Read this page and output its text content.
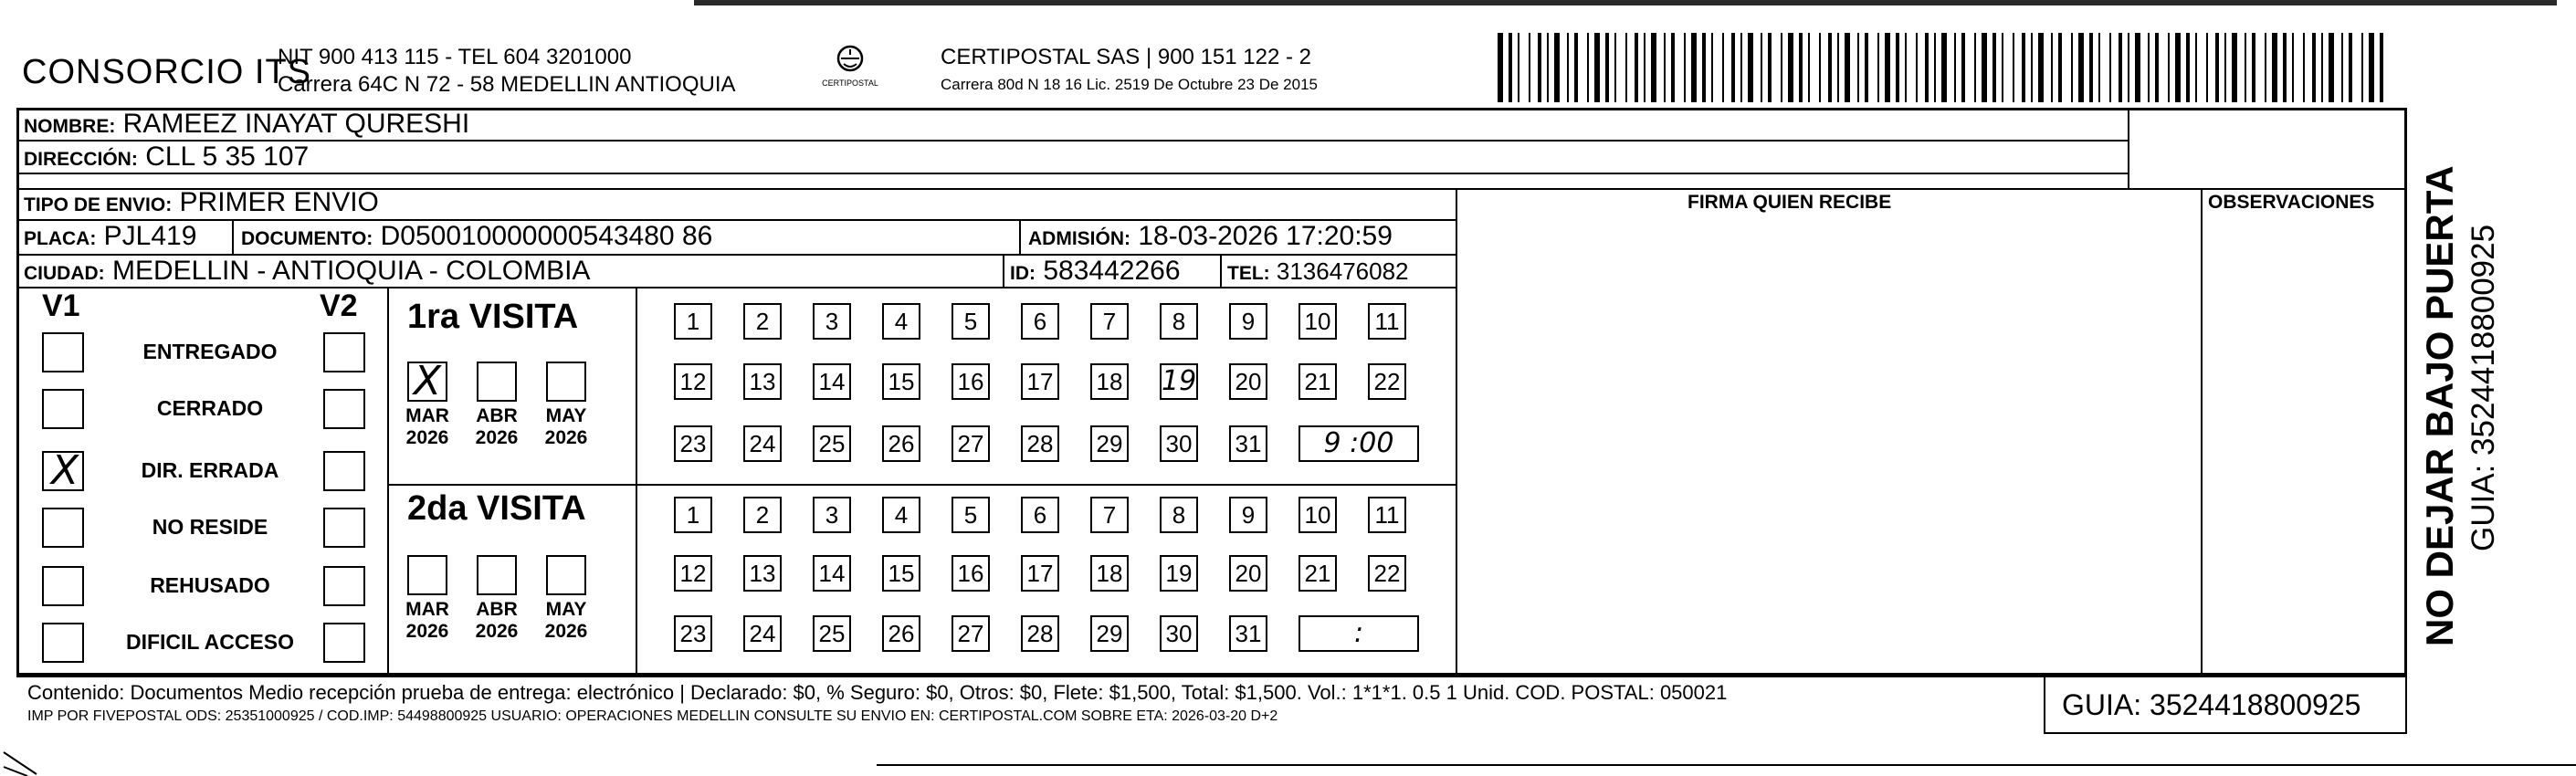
CONSORCIO ITS
NIT 900 413 115 - TEL 604 3201000
Carrera 64C N 72 - 58 MEDELLIN ANTIOQUIA	CERTIPOSTAL
CERTIPOSTAL SAS | 900 151 122 - 2
Carrera 80d N 18 16 Lic. 2519 De Octubre 23 De 2015
NOMBRE: RAMEEZ INAYAT QURESHI
DIRECCIÓN: CLL 5 35 107
TIPO DE ENVIO: PRIMER ENVIO	FIRMA QUIEN RECIBE	OBSERVACIONES
PLACA: PJL419 DOCUMENTO: D050010000000543480 86	ADMISIÓN: 18-03-2026 17:20:59
CIUDAD: MEDELLIN - ANTIOQUIA - COLOMBIA	ID: 583442266 TEL: 3136476082
V1	V2
ENTREGADO
CERRADO
X	DIR. ERRADA
NO RESIDE
REHUSADO
DIFICIL ACCESO
1ra VISITA
X
MAR
2026
ABR
2026
MAY
2026
1	2	3	4	5	6	7	8	9	10 11
12 13 14 15 16 17 18 19 20 21 22
23 24 25 26 27 28 29 30 31	9 :00
2da VISITA
MAR
2026
ABR
2026
MAY
2026
1	2	3	4	5	6	7	8	9	10 11
12 13 14 15 16 17 18 19 20 21 22
23 24 25 26 27 28 29 30 31	:
Contenido: Documentos Medio recepción prueba de entrega: electrónico | Declarado: $0, % Seguro: $0, Otros: $0, Flete: $1,500, Total: $1,500. Vol.: 1*1*1. 0.5 1 Unid. COD. POSTAL: 050021
IMP POR FIVEPOSTAL ODS: 25351000925 / COD.IMP: 54498800925 USUARIO: OPERACIONES MEDELLIN CONSULTE SU ENVIO EN: CERTIPOSTAL.COM SOBRE ETA: 2026-03-20 D+2	GUIA: 3524418800925
NO DEJAR BAJO PUERTA GUIA: 3524418800925
